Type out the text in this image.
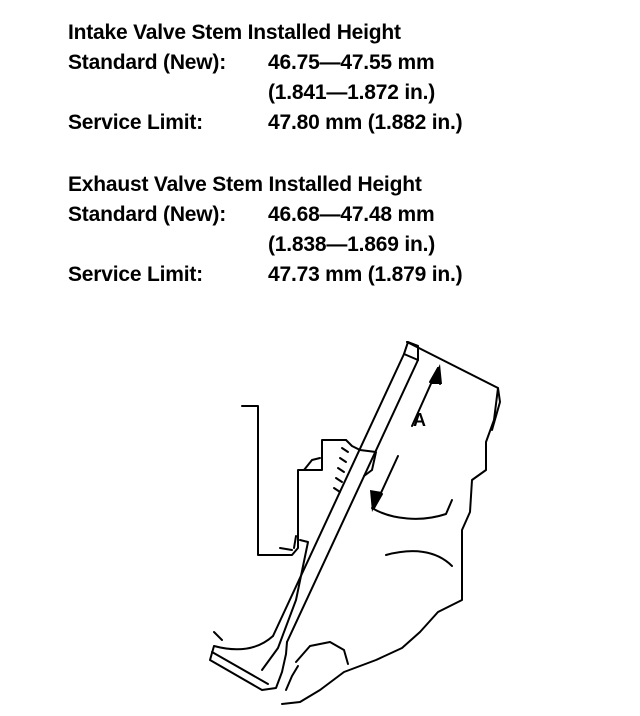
Intake Valve Stem Installed Height
Standard (New): 46.75—47.55 mm
(1.841—1.872 in.)
Service Limit:	47.80 mm (1.882 in.)
Exhaust Valve Stem Installed Height
Standard (New): 46.68—47.48 mm
(1.838—1.869 in.)
Service Limit:	47.73 mm (1.879 in.)
A
